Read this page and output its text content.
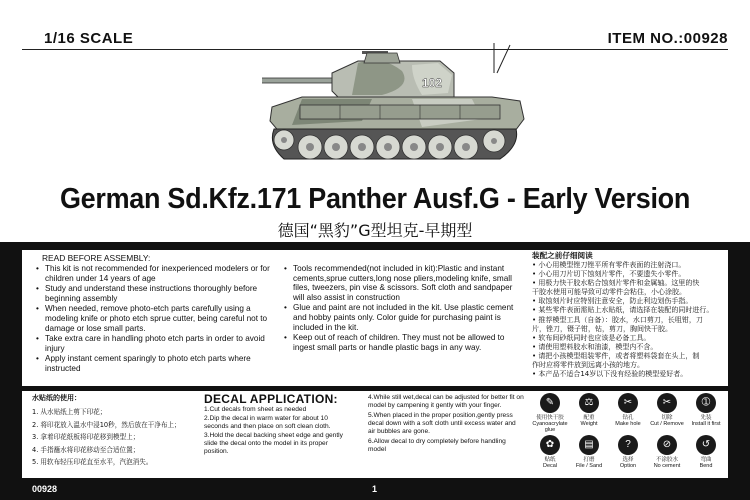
1/16 SCALE	ITEM NO.:00928
102
German Sd.Kfz.171 Panther Ausf.G - Early Version
德国“黑豹”G型坦克-早期型
READ BEFORE ASSEMBLY:
• This kit is not recommended for inexperienced modelers or for children under 14 years of age
• Study and understand these instructions thoroughly before beginning assembly
• When needed, remove photo-etch parts carefully using a modeling knife or photo etch sprue cutter, being careful not to damage or lose small parts.
• Take extra care in handling photo etch parts in order to avoid injury
• Apply instant cement sparingly to photo etch parts where instructed
• Tools recommended(not included in kit):Plastic and instant cements,sprue cutters,long nose pliers,modeling knife, small files, tweezers, pin vise & scissors. Soft cloth and sandpaper will also assist in construction
• Glue and paint are not included in the kit. Use plastic cement and hobby paints only. Color guide for purchasing paint is included in the kit.
• Keep out of reach of children. They must not be allowed to ingest small parts or handle plastic bags in any way.
装配之前仔细阅读
• 小心用模型锉刀锉平所有零件表面的注射浇口。
• 小心用刀片切下蚀刻片零件，不要遗失小零件。
• 用极力快干胶水粘合蚀刻片零件和金属轴。这里的快
干胶水使用可能导致可动零件会粘住，小心涂胶。
• 取蚀刻片时应特别注意安全，防止利边划伤手指。
• 某些零件表面需贴上水贴纸，请选择在装配的同时进行。
• 推荐模型工具（自备）：胶水，水口剪刀，长咀钳，刀
片，锉刀，镊子钳，钻，剪刀，胸间快干胶。
• 软布间砂纸同时也应该是必备工具。
• 请使用塑料胶水和油漆，模型内不含。
• 请把小孩模型组装零件，或者将塑料袋套在头上，制
作时应将零件放到远离小孩的地方。
• 本产品不适合14岁以下没有经验的模型爱好者。
水贴纸的使用：
1. 从水贴纸上剪下印花；
2. 将印花放入温水中浸10秒，然后放在干净布上；
3. 拿着印花纸板将印花移到模型上；
4. 手指蘸水将印花移动至合适位置；
5. 用软布轻压印花直至水平，汽泡消失。
DECAL APPLICATION:
1.Cut decals from sheet as needed
2.Dip the decal in warm water for about 10 seconds and then place on soft clean cloth.
3.Hold the decal backing sheet edge and gently slide the decal onto the model in its proper position.
4.While still wet,decal can be adjusted for better fit on model by campening it gently with your finger.
5.When placed in the proper position,gently press decal down with a soft cloth until excess water and air bubbles are gone.
6.Allow decal to dry completely before handling model
✎
使用快干胶
Cyanoacrylate glue
⚖
配重
Weight
✂
钻孔
Make hole
✂
切除
Cut / Remove
➀
先装
Install it first
✿
贴纸
Decal
▤
打磨
File / Sand
?
选择
Option
⊘
不涂胶水
No cement
↺
弯曲
Bend
00928	1
